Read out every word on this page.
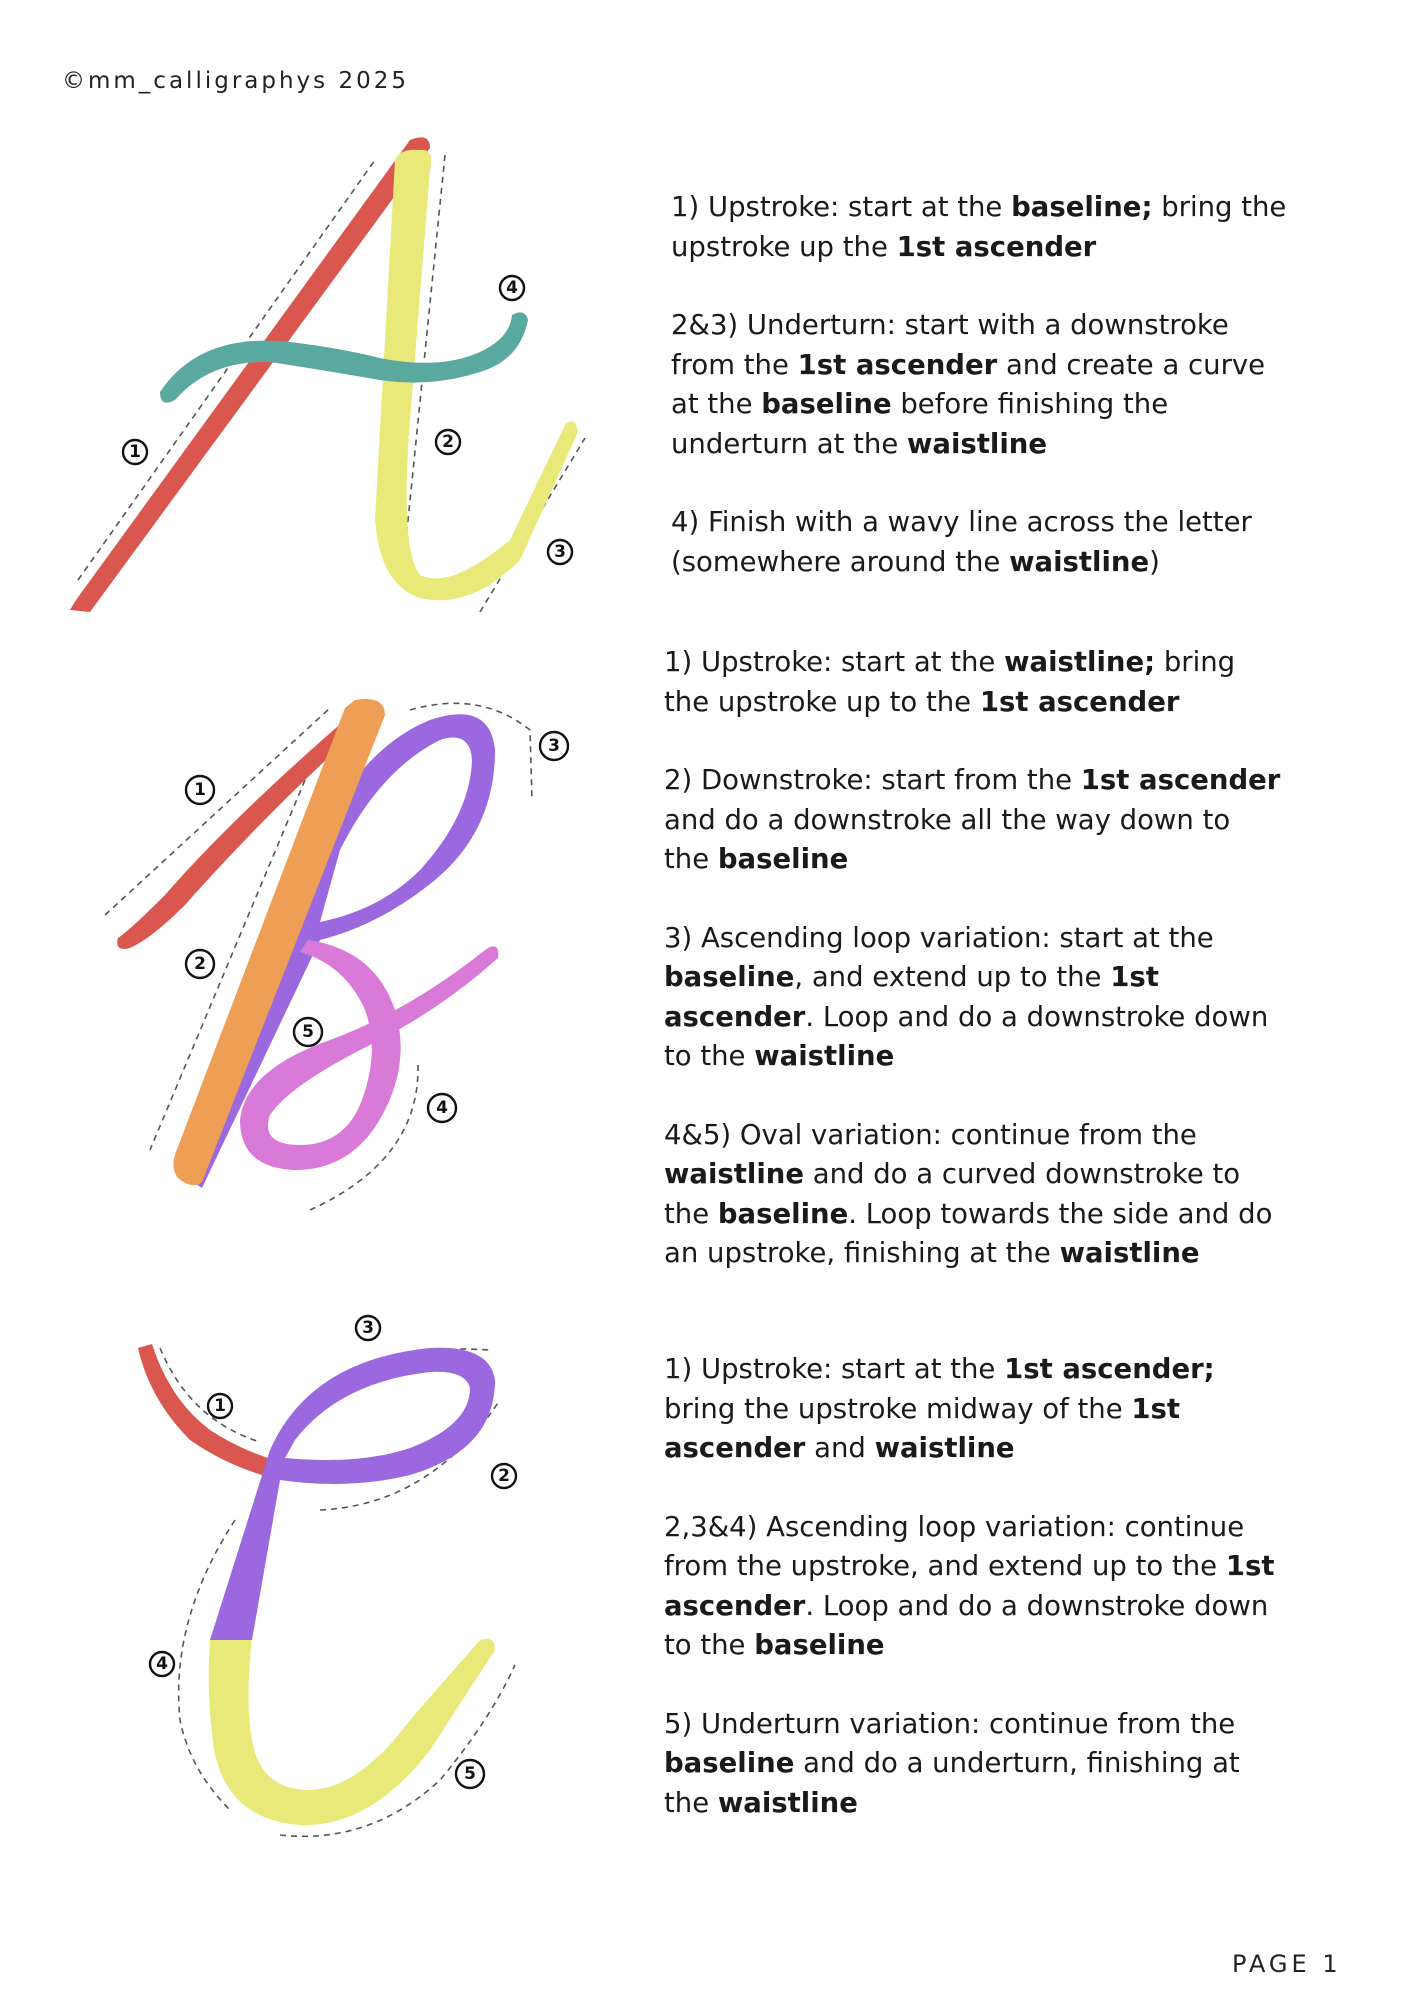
©mm_calligraphys 2025
1	2
3
4
1
2
3
4
5
1
2
3
4
5
1) Upstroke: start at the baseline; bring the upstroke up the 1st ascender
2&3) Underturn: start with a downstroke from the 1st ascender and create a curve at the baseline before finishing the underturn at the waistline
4) Finish with a wavy line across the letter (somewhere around the waistline)
1) Upstroke: start at the waistline; bring the upstroke up to the 1st ascender
2) Downstroke: start from the 1st ascender and do a downstroke all the way down to the baseline
3) Ascending loop variation: start at the baseline, and extend up to the 1st ascender. Loop and do a downstroke down to the waistline
4&5) Oval variation: continue from the waistline and do a curved downstroke to the baseline. Loop towards the side and do an upstroke, finishing at the waistline
1) Upstroke: start at the 1st ascender; bring the upstroke midway of the 1st ascender and waistline
2,3&4) Ascending loop variation: continue from the upstroke, and extend up to the 1st ascender. Loop and do a downstroke down to the baseline
5) Underturn variation: continue from the baseline and do a underturn, finishing at the waistline
PAGE 1
